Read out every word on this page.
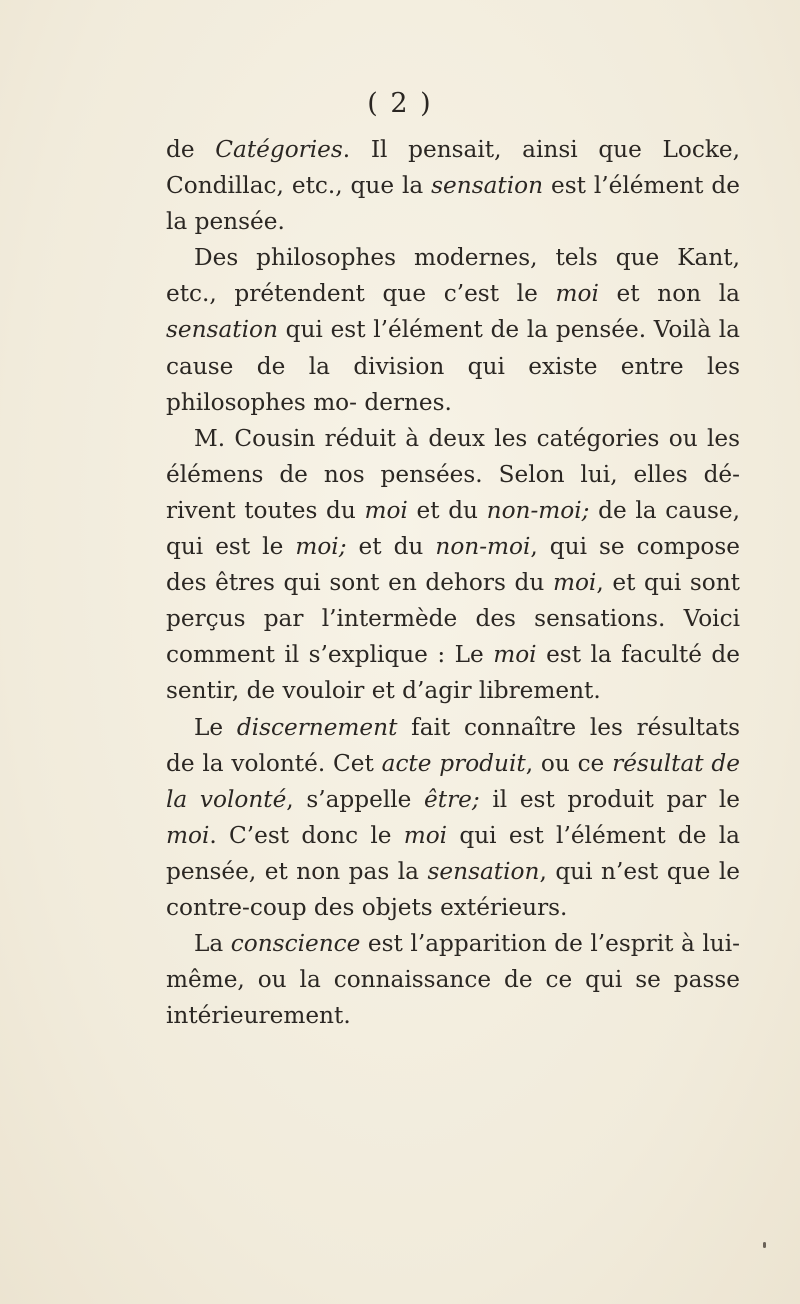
( 2 )

de Catégories. Il pensait, ainsi que Locke, Condillac, etc., que la sensation est l’élément de la pensée.

Des philosophes modernes, tels que Kant, etc., prétendent que c’est le moi et non la sensation qui est l’élément de la pensée. Voilà la cause de la division qui existe entre les philosophes mo- dernes.

M. Cousin réduit à deux les catégories ou les élémens de nos pensées. Selon lui, elles dé- rivent toutes du moi et du non-moi; de la cause, qui est le moi; et du non-moi, qui se compose des êtres qui sont en dehors du moi, et qui sont perçus par l’intermède des sensations. Voici comment il s’explique : Le moi est la faculté de sentir, de vouloir et d’agir librement.

Le discernement fait connaître les résultats de la volonté. Cet acte produit, ou ce résultat de la volonté, s’appelle être; il est produit par le moi. C’est donc le moi qui est l’élément de la pensée, et non pas la sensation, qui n’est que le contre-coup des objets extérieurs.

La conscience est l’apparition de l’esprit à lui-même, ou la connaissance de ce qui se passe intérieurement.
